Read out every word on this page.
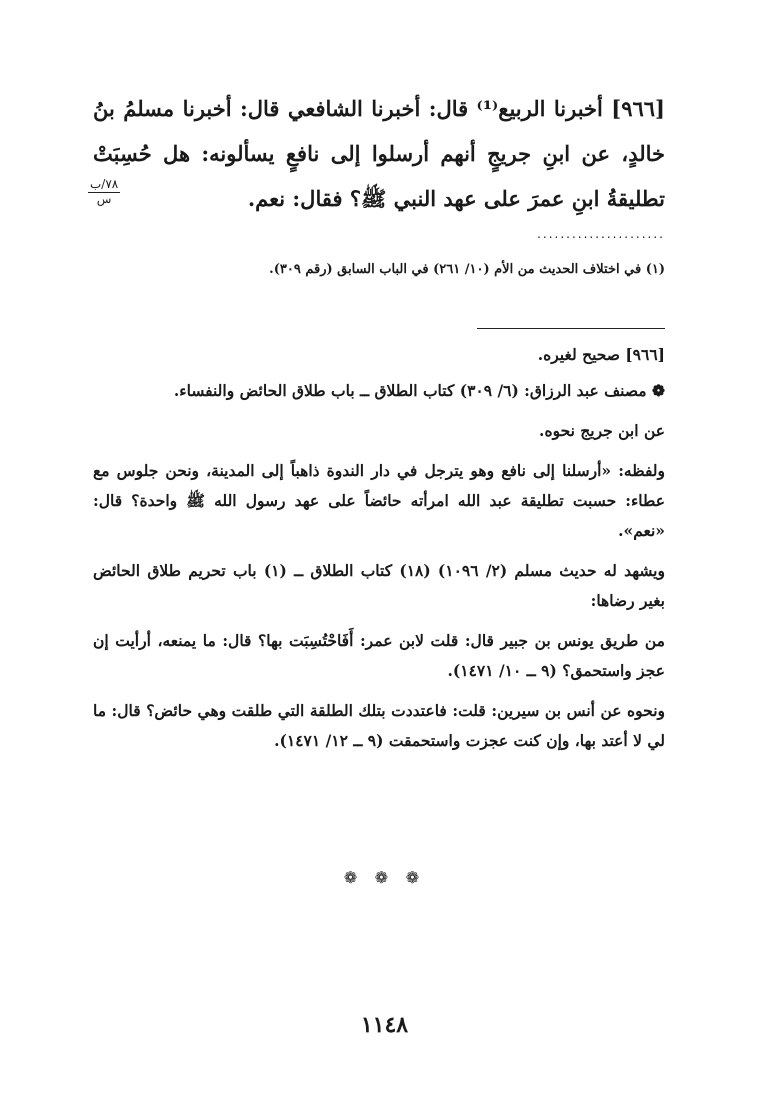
[٩٦٦] أخبرنا الربيع⁽¹⁾ قال: أخبرنا الشافعي قال: أخبرنا مسلمُ بنُ خالدٍ، عن ابنِ جريجٍ أنهم أرسلوا إلى نافعٍ يسألونه: هل حُسِبَتْ تطليقةُ ابنِ عمرَ على عهد النبي ﷺ؟ فقال: نعم.
٧٨/ب
س
......................
(١) في اختلاف الحديث من الأم (١٠/ ٢٦١) في الباب السابق (رقم ٣٠٩).

[٩٦٦] صحيح لغيره.

❁ مصنف عبد الرزاق: (٦/ ٣٠٩) كتاب الطلاق ــ باب طلاق الحائض والنفساء.

عن ابن جريج نحوه.

ولفظه: «أرسلنا إلى نافع وهو يترجل في دار الندوة ذاهباً إلى المدينة، ونحن جلوس مع عطاء: حسبت تطليقة عبد الله امرأته حائضاً على عهد رسول الله ﷺ واحدة؟ قال: «نعم».

ويشهد له حديث مسلم (٢/ ١٠٩٦) (١٨) كتاب الطلاق ــ (١) باب تحريم طلاق الحائض بغير رضاها:

من طريق يونس بن جبير قال: قلت لابن عمر: أَفَاحْتُسِبَت بها؟ قال: ما يمنعه، أرأيت إن عجز واستحمق؟ (٩ ــ ١٠/ ١٤٧١).

ونحوه عن أنس بن سيرين: قلت: فاعتددت بتلك الطلقة التي طلقت وهي حائض؟ قال: ما لي لا أعتد بها، وإن كنت عجزت واستحمقت (٩ ــ ١٢/ ١٤٧١).

❁ ❁ ❁
١١٤٨
